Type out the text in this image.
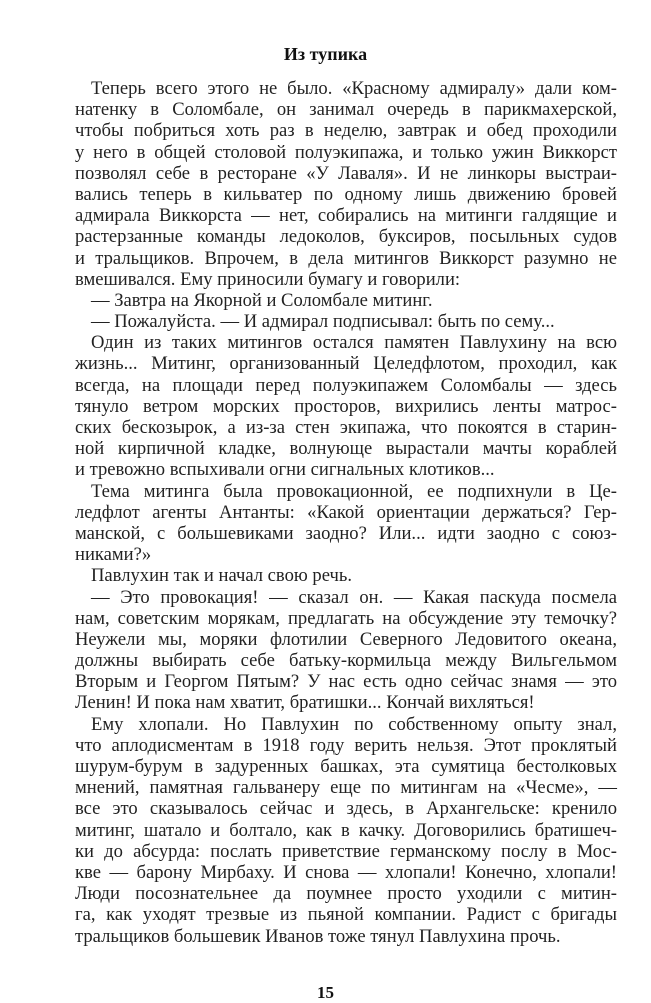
Из тупика
Теперь всего этого не было. «Красному адмиралу» дали ком-
натенку в Соломбале, он занимал очередь в парикмахерской,
чтобы побриться хоть раз в неделю, завтрак и обед проходили
у него в общей столовой полуэкипажа, и только ужин Виккорст
позволял себе в ресторане «У Лаваля». И не линкоры выстраи-
вались теперь в кильватер по одному лишь движению бровей
адмирала Виккорста — нет, собирались на митинги галдящие и
растерзанные команды ледоколов, буксиров, посыльных судов
и тральщиков. Впрочем, в дела митингов Виккорст разумно не
вмешивался. Ему приносили бумагу и говорили:
— Завтра на Якорной и Соломбале митинг.
— Пожалуйста. — И адмирал подписывал: быть по сему...
Один из таких митингов остался памятен Павлухину на всю
жизнь... Митинг, организованный Целедфлотом, проходил, как
всегда, на площади перед полуэкипажем Соломбалы — здесь
тянуло ветром морских просторов, вихрились ленты матрос-
ских бескозырок, а из-за стен экипажа, что покоятся в старин-
ной кирпичной кладке, волнующе вырастали мачты кораблей
и тревожно вспыхивали огни сигнальных клотиков...
Тема митинга была провокационной, ее подпихнули в Це-
ледфлот агенты Антанты: «Какой ориентации держаться? Гер-
манской, с большевиками заодно? Или... идти заодно с союз-
никами?»
Павлухин так и начал свою речь.
— Это провокация! — сказал он. — Какая паскуда посмела
нам, советским морякам, предлагать на обсуждение эту темочку?
Неужели мы, моряки флотилии Северного Ледовитого океана,
должны выбирать себе батьку-кормильца между Вильгельмом
Вторым и Георгом Пятым? У нас есть одно сейчас знамя — это
Ленин! И пока нам хватит, братишки... Кончай вихляться!
Ему хлопали. Но Павлухин по собственному опыту знал,
что аплодисментам в 1918 году верить нельзя. Этот проклятый
шурум-бурум в задуренных башках, эта сумятица бестолковых
мнений, памятная гальванеру еще по митингам на «Чесме», —
все это сказывалось сейчас и здесь, в Архангельске: кренило
митинг, шатало и болтало, как в качку. Договорились братишеч-
ки до абсурда: послать приветствие германскому послу в Мос-
кве — барону Мирбаху. И снова — хлопали! Конечно, хлопали!
Люди посознательнее да поумнее просто уходили с митин-
га, как уходят трезвые из пьяной компании. Радист с бригады
тральщиков большевик Иванов тоже тянул Павлухина прочь.
15
